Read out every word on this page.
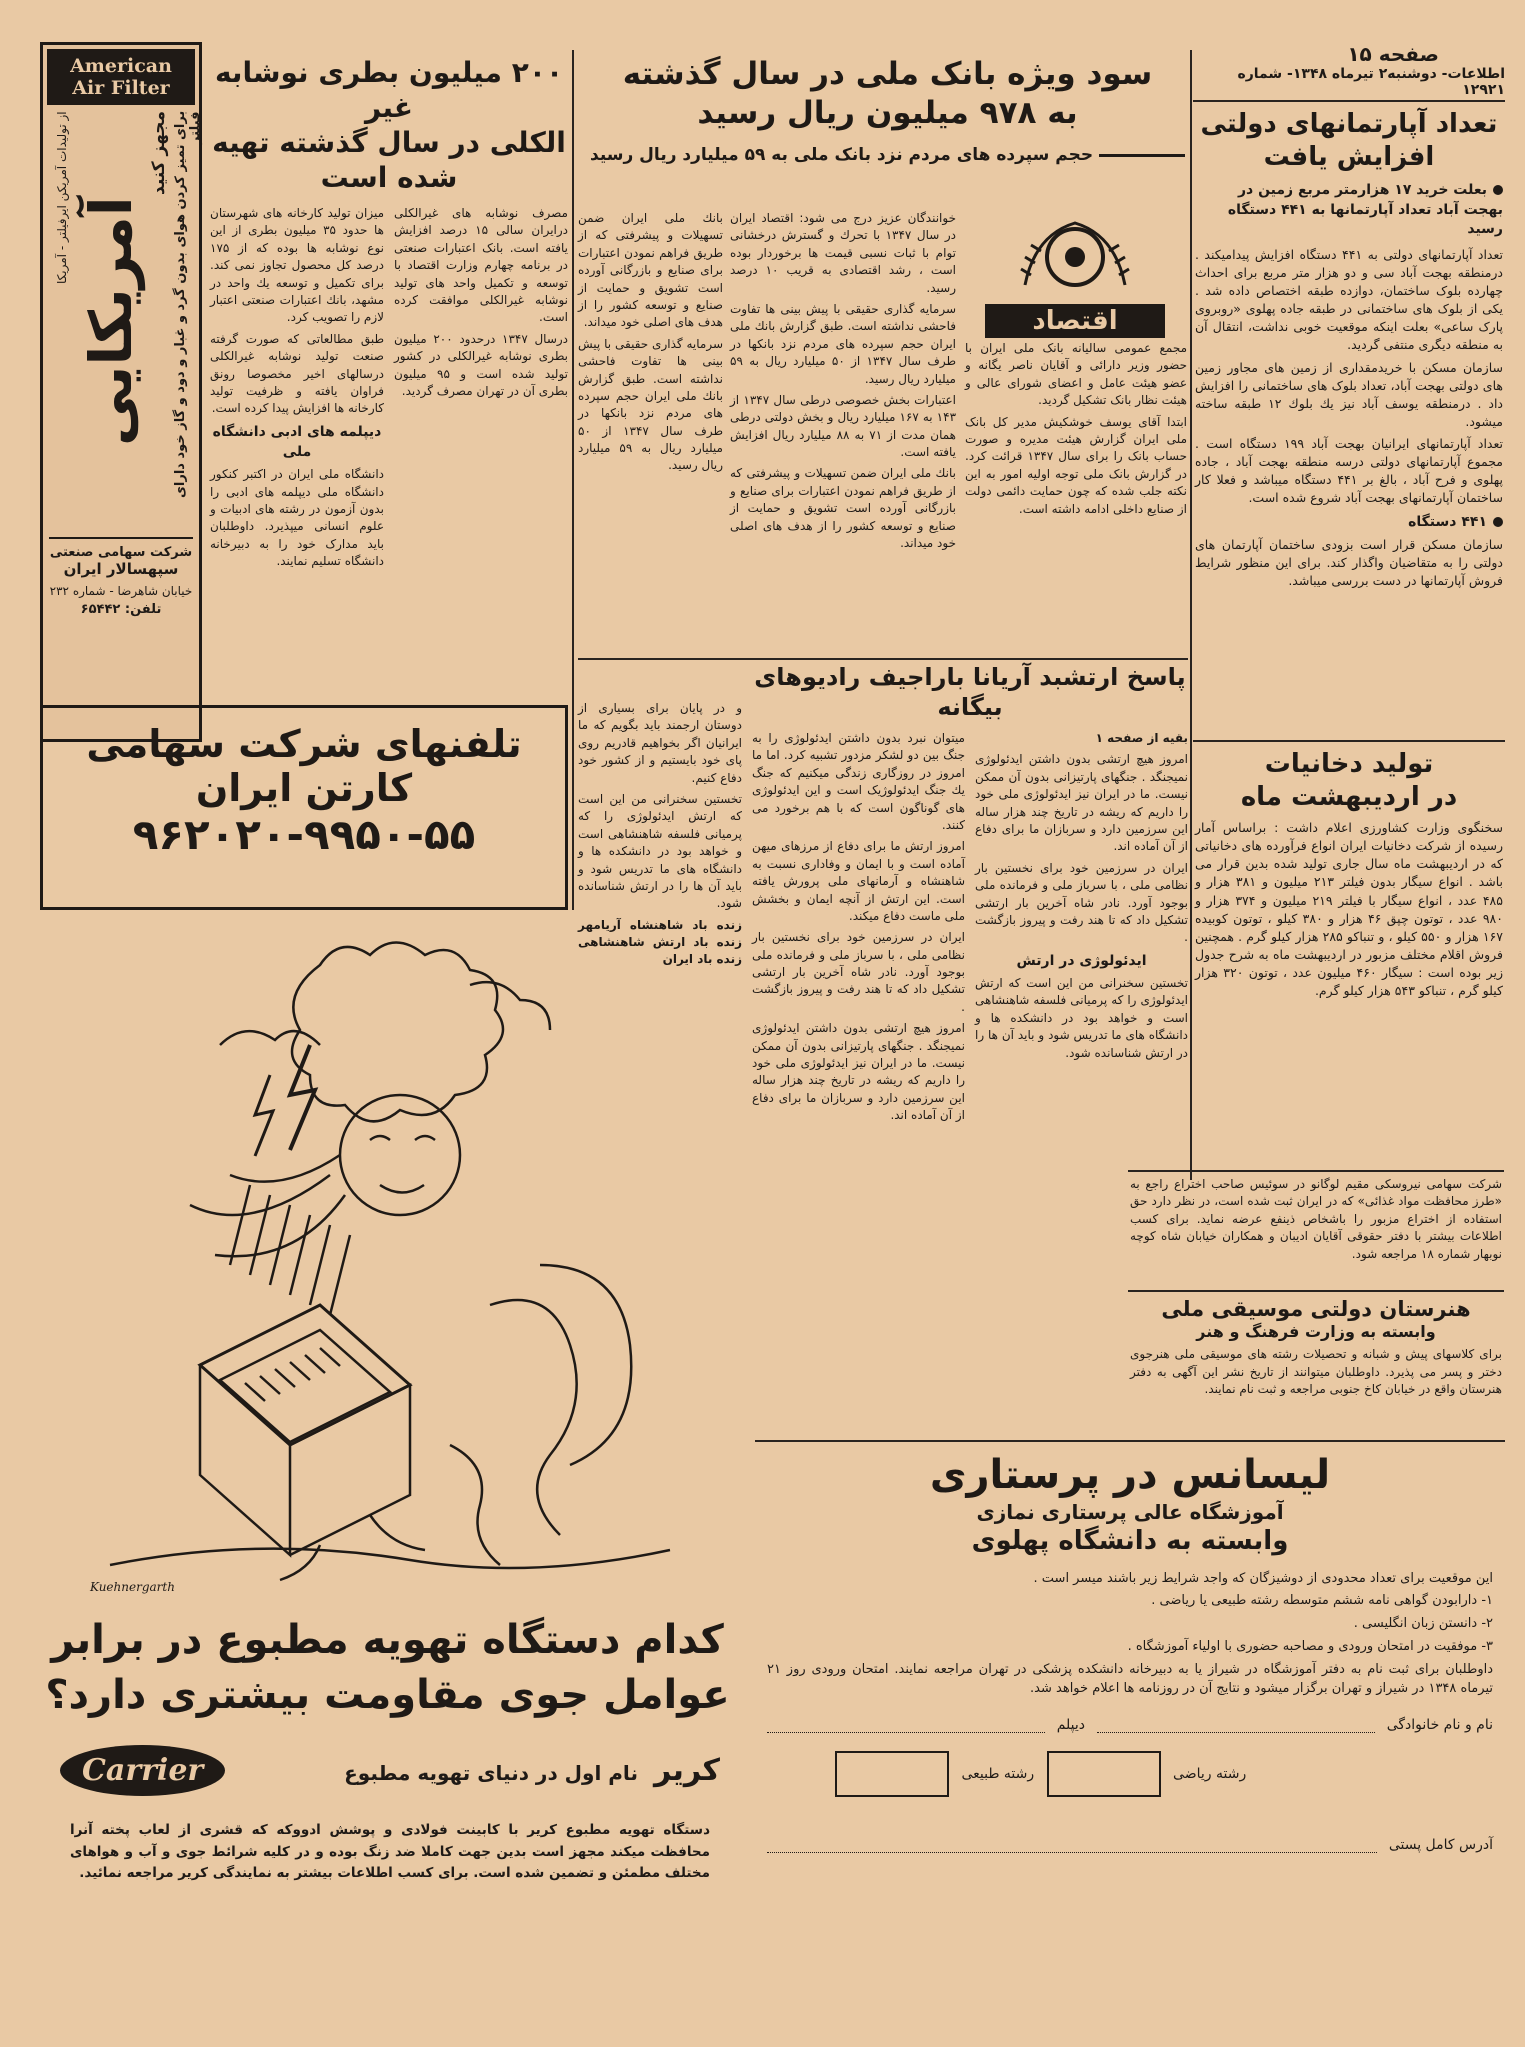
صفحه ۱۵
اطلاعات- دوشنبه۲ تیرماه ۱۳۴۸- شماره ۱۲۹۲۱
تعداد آپارتمانهای دولتی
افزایش یافت
بعلت خرید ۱۷ هزارمتر مربع زمین در بهجت آباد تعداد آپارتمانها به ۴۴۱ دستگاه رسید

تعداد آپارتمانهای دولتی به ۴۴۱ دستگاه افزایش پیدامیکند . درمنطقه بهجت آباد سی و دو هزار متر مربع برای احداث چهارده بلوک ساختمان، دوازده طبقه اختصاص داده شد . یکی از بلوک های ساختمانی در طبقه جاده پهلوی «روبروی پارک ساعی» بعلت اینکه موقعیت خوبی نداشت، انتقال آن به منطقه دیگری منتفی گردید.

سازمان مسکن با خریدمقداری از زمین های مجاور زمین های دولتی بهجت آباد، تعداد بلوک های ساختمانی را افزایش داد . درمنطقه یوسف آباد نیز یك بلوك ۱۲ طبقه ساخته میشود.

تعداد آپارتمانهای ایرانیان بهجت آباد ۱۹۹ دستگاه است . مجموع آپارتمانهای دولتی درسه منطقه بهجت آباد ، جاده پهلوی و فرح آباد ، بالغ بر ۴۴۱ دستگاه میباشد و فعلا کار ساختمان آپارتمانهای بهجت آباد شروع شده است.

۴۴۱ دستگاه

سازمان مسکن قرار است بزودی ساختمان آپارتمان های دولتی را به متقاضیان واگذار کند. برای این منظور شرایط فروش آپارتمانها در دست بررسی میباشد.

تولید دخانیات
در اردیبهشت ماه
سخنگوی وزارت کشاورزی اعلام داشت : براساس آمار رسیده از شرکت دخانیات ایران انواع فرآورده های دخانیاتی که در اردیبهشت ماه سال جاری تولید شده بدین قرار می باشد . انواع سیگار بدون فیلتر ۲۱۳ میلیون و ۳۸۱ هزار و ۴۸۵ عدد ، انواع سیگار با فیلتر ۲۱۹ میلیون و ۳۷۴ هزار و ۹۸۰ عدد ، توتون چپق ۴۶ هزار و ۳۸۰ کیلو ، توتون کوبیده ۱۶۷ هزار و ۵۵۰ کیلو ، و تنباکو ۲۸۵ هزار کیلو گرم . همچنین فروش اقلام مختلف مزبور در اردیبهشت ماه به شرح جدول زیر بوده است : سیگار ۴۶۰ میلیون عدد ، توتون ۳۲۰ هزار کیلو گرم ، تنباکو ۵۴۳ هزار کیلو گرم.
سود ویژه بانک ملی در سال گذشته
به ۹۷۸ میلیون ریال رسید
حجم سپرده های مردم نزد بانک ملی به ۵۹ میلیارد ریال رسید
اقتصاد

مجمع عمومی سالیانه بانک ملی ایران با حضور وزیر دارائی و آقایان ناصر یگانه و عضو هیئت عامل و اعضای شورای عالی و هیئت نظار بانک تشکیل گردید.

ابتدا آقای یوسف خوشکیش مدیر کل بانک ملی ایران گزارش هیئت مدیره و صورت حساب بانک را برای سال ۱۳۴۷ قرائت کرد. در گزارش بانک ملی توجه اولیه امور به این نکته جلب شده که چون حمایت دائمی دولت از صنایع داخلی ادامه داشته است.

خوانندگان عزیز درج می شود: اقتصاد ایران در سال ۱۳۴۷ با تحرك و گسترش درخشانی توام با ثبات نسبی قیمت ها برخوردار بوده است ، رشد اقتصادی به قریب ۱۰ درصد رسید.

سرمایه گذاری حقیقی با پیش بینی ها تفاوت فاحشی نداشته است. طبق گزارش بانك ملی ایران حجم سپرده های مردم نزد بانکها در طرف سال ۱۳۴۷ از ۵۰ میلیارد ریال به ۵۹ میلیارد ریال رسید.

اعتبارات بخش خصوصی درطی سال ۱۳۴۷ از ۱۴۳ به ۱۶۷ میلیارد ریال و بخش دولتی درطی همان مدت از ۷۱ به ۸۸ میلیارد ریال افزایش یافته است.

بانك ملی ایران ضمن تسهیلات و پیشرفتی که از طریق فراهم نمودن اعتبارات برای صنایع و بازرگانی آورده است تشویق و حمایت از صنایع و توسعه کشور را از هدف های اصلی خود میداند.

بانك ملی ایران ضمن تسهیلات و پیشرفتی که از طریق فراهم نمودن اعتبارات برای صنایع و بازرگانی آورده است تشویق و حمایت از صنایع و توسعه کشور را از هدف های اصلی خود میداند.

سرمایه گذاری حقیقی با پیش بینی ها تفاوت فاحشی نداشته است. طبق گزارش بانك ملی ایران حجم سپرده های مردم نزد بانکها در طرف سال ۱۳۴۷ از ۵۰ میلیارد ریال به ۵۹ میلیارد ریال رسید.

۲۰۰ میلیون بطری نوشابه غیر
الکلی در سال گذشته تهیه
شده است

مصرف نوشابه های غیرالکلی درایران سالی ۱۵ درصد افزایش یافته است. بانک اعتبارات صنعتی در برنامه چهارم وزارت اقتصاد با توسعه و تکمیل واحد های تولید نوشابه غیرالکلی موافقت کرده است.

درسال ۱۳۴۷ درحدود ۲۰۰ میلیون بطری نوشابه غیرالکلی در کشور تولید شده است و ۹۵ میلیون بطری آن در تهران مصرف گردید.

میزان تولید کارخانه های شهرستان ها حدود ۳۵ میلیون بطری از این نوع نوشابه ها بوده که از ۱۷۵ درصد کل محصول تجاوز نمی کند. برای تکمیل و توسعه یك واحد در مشهد، بانك اعتبارات صنعتی اعتبار لازم را تصویب کرد.

طبق مطالعاتی که صورت گرفته صنعت تولید نوشابه غیرالکلی درسالهای اخیر مخصوصا رونق فراوان یافته و ظرفیت تولید کارخانه ها افزایش پیدا کرده است.

دیپلمه های ادبی دانشگاه ملی

دانشگاه ملی ایران در اکتبر کنکور دانشگاه ملی دیپلمه های ادبی را بدون آزمون در رشته های ادبیات و علوم انسانی میپذیرد. داوطلبان باید مدارک خود را به دبیرخانه دانشگاه تسلیم نمایند.

American
Air Filter
برای تمیز کردن هوای بدون گرد و غبار و دود و گاز خود دارای فیلتر
مجهز کنید
آمریکایی
از تولیدات آمریکن ایرفیلتر - آمریکا
شرکت سهامی صنعتی
سپهسالار ایران
خیابان شاهرضا - شماره ۲۳۲
تلفن: ۶۵۴۴۲
تلفنهای شرکت سهامی
کارتن ایران
۹۶۲۰۲۰-۹۹۵۰-۵۵
پاسخ ارتشبد آریانا باراجیف رادیوهای بیگانه

بقیه از صفحه ۱

امروز هیچ ارتشی بدون داشتن ایدئولوژی نمیجنگد . جنگهای پارتیزانی بدون آن ممکن نیست. ما در ایران نیز ایدئولوژی ملی خود را داریم که ریشه در تاریخ چند هزار ساله این سرزمین دارد و سربازان ما برای دفاع از آن آماده اند.

ایران در سرزمین خود برای نخستین بار نظامی ملی ، با سرباز ملی و فرمانده ملی بوجود آورد. نادر شاه آخرین بار ارتشی تشکیل داد که تا هند رفت و پیروز بازگشت .

ایدئولوژی در ارتش

تخستین سخنرانی من این است که ارتش ایدئولوژی را که پرمیانی فلسفه شاهنشاهی است و خواهد بود در دانشکده ها و دانشگاه های ما تدریس شود و باید آن ها را در ارتش شناسانده شود.

میتوان نبرد بدون داشتن ایدئولوژی را به جنگ بین دو لشکر مزدور تشبیه کرد. اما ما امروز در روزگاری زندگی میکنیم که جنگ یك جنگ ایدئولوژیک است و این ایدئولوژی های گوناگون است که با هم برخورد می کنند.

امروز ارتش ما برای دفاع از مرزهای میهن آماده است و با ایمان و وفاداری نسبت به شاهنشاه و آرمانهای ملی پرورش یافته است. این ارتش از آنچه ایمان و بخشش ملی ماست دفاع میکند.

ایران در سرزمین خود برای نخستین بار نظامی ملی ، با سرباز ملی و فرمانده ملی بوجود آورد. نادر شاه آخرین بار ارتشی تشکیل داد که تا هند رفت و پیروز بازگشت .

امروز هیچ ارتشی بدون داشتن ایدئولوژی نمیجنگد . جنگهای پارتیزانی بدون آن ممکن نیست. ما در ایران نیز ایدئولوژی ملی خود را داریم که ریشه در تاریخ چند هزار ساله این سرزمین دارد و سربازان ما برای دفاع از آن آماده اند.

و در پایان برای بسیاری از دوستان ارجمند باید بگویم که ما ایرانیان اگر بخواهیم قادریم روی پای خود بایستیم و از کشور خود دفاع کنیم.

تخستین سخنرانی من این است که ارتش ایدئولوژی را که پرمیانی فلسفه شاهنشاهی است و خواهد بود در دانشکده ها و دانشگاه های ما تدریس شود و باید آن ها را در ارتش شناسانده شود.

زنده باد شاهنشاه آریامهر زنده باد ارتش شاهنشاهی زنده باد ایران

شرکت سهامی نیروسکی مقیم لوگانو در سوئیس صاحب اختراع راجع به «طرز محافظت مواد غذائی» که در ایران ثبت شده است، در نظر دارد حق استفاده از اختراع مزبور را باشخاص ذینفع عرضه نماید. برای کسب اطلاعات بیشتر با دفتر حقوقی آقایان ادیبان و همکاران خیابان شاه کوچه نوبهار شماره ۱۸ مراجعه شود.

هنرستان دولتی موسیقی ملی
وابسته به وزارت فرهنگ و هنر
برای کلاسهای پیش و شبانه و تحصیلات رشته های موسیقی ملی هنرجوی دختر و پسر می پذیرد. داوطلبان میتوانند از تاریخ نشر این آگهی به دفتر هنرستان واقع در خیابان کاخ جنوبی مراجعه و ثبت نام نمایند.
لیسانس در پرستاری
آموزشگاه عالی پرستاری نمازی
وابسته به دانشگاه پهلوی

این موقعیت برای تعداد محدودی از دوشیزگان که واجد شرایط زیر باشند میسر است .

۱- دارابودن گواهی نامه ششم متوسطه رشته طبیعی یا ریاضی .

۲- دانستن زبان انگلیسی .

۳- موفقیت در امتحان ورودی و مصاحبه حضوری با اولیاء آموزشگاه .

داوطلبان برای ثبت نام به دفتر آموزشگاه در شیراز یا به دبیرخانه دانشکده پزشکی در تهران مراجعه نمایند. امتحان ورودی روز ۲۱ تیرماه ۱۳۴۸ در شیراز و تهران برگزار میشود و نتایج آن در روزنامه ها اعلام خواهد شد.

نام و نام خانوادگی
دیپلم
رشته ریاضی  رشته طبیعی
آدرس کامل پستی
Kuehnergarth
کدام دستگاه تهویه مطبوع در برابر
عوامل جوی مقاومت بیشتری دارد؟
Carrier	کریر
نام اول در دنیای تهویه مطبوع
دستگاه تهویه مطبوع کریر با کابینت فولادی و پوشش ادووکه که قشری از لعاب پخته آنرا محافظت میکند مجهز است بدین جهت کاملا ضد زنگ بوده و در کلیه شرائط جوی و آب و هواهای مختلف مطمئن و تضمین شده است. برای کسب اطلاعات بیشتر به نمایندگی کریر مراجعه نمائید.
